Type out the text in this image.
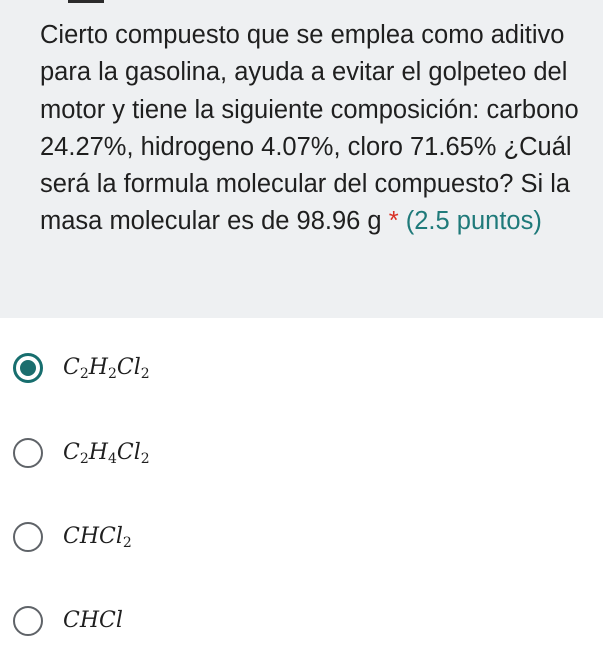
Cierto compuesto que se emplea como aditivo para la gasolina, ayuda a evitar el golpeteo del motor y tiene la siguiente composición: carbono 24.27%, hidrogeno 4.07%, cloro 71.65% ¿Cuál será la formula molecular del compuesto? Si la masa molecular es de 98.96 g * (2.5 puntos)
$C_2H_2Cl_2$
$C_2H_4Cl_2$
CHCl$_2$
CHCl
